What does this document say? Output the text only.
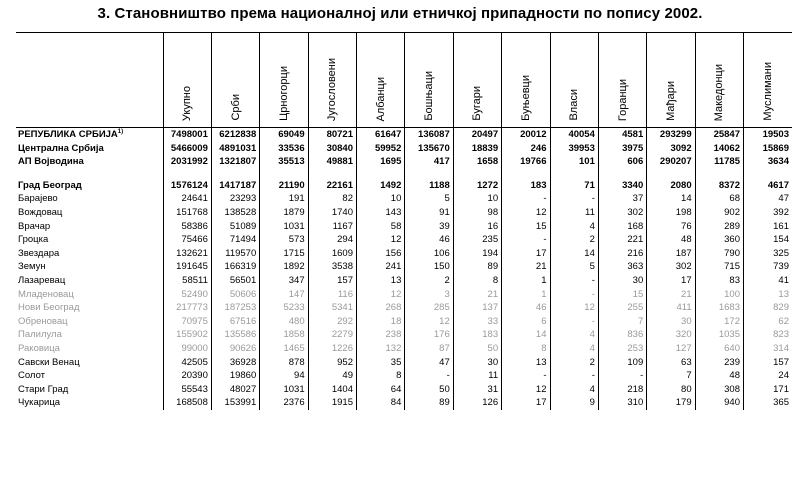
3. Становништво према националној или етничкој припадности по попису 2002.

	Укупно	Срби	Црногорци	Југословени	Албанци	Бошњаци	Бугари	Буњевци	Власи	Горанци	Мађари	Македонци	Муслимани

РЕПУБЛИКА СРБИЈА$^{1)}$	7498001	6212838	69049	80721	61647	136087	20497	20012	40054	4581	293299	25847	19503
Централна Србија	5466009	4891031	33536	30840	59952	135670	18839	246	39953	3975	3092	14062	15869
АП Војводина	2031992	1321807	35513	49881	1695	417	1658	19766	101	606	290207	11785	3634

Град Београд	1576124	1417187	21190	22161	1492	1188	1272	183	71	3340	2080	8372	4617
Барајево	24641	23293	191	82	10	5	10	-	-	37	14	68	47
Вождовац	151768	138528	1879	1740	143	91	98	12	11	302	198	902	392
Врачар	58386	51089	1031	1167	58	39	16	15	4	168	76	289	161
Гроцка	75466	71494	573	294	12	46	235	-	2	221	48	360	154
Звездара	132621	119570	1715	1609	156	106	194	17	14	216	187	790	325
Земун	191645	166319	1892	3538	241	150	89	21	5	363	302	715	739
Лазаревац	58511	56501	347	157	13	2	8	1	-	30	17	83	41
Младеновац	52490	50606	147	116	12	3	21	1	-	15	21	100	13
Нови Београд	217773	187253	5233	5341	268	285	137	46	12	255	411	1683	829
Обреновац	70975	67516	480	292	18	12	33	6	-	7	30	172	62
Палилула	155902	135586	1858	2279	238	176	183	14	4	836	320	1035	823
Раковица	99000	90626	1465	1226	132	87	50	8	4	253	127	640	314
Савски Венац	42505	36928	878	952	35	47	30	13	2	109	63	239	157
Солот	20390	19860	94	49	8	-	11	-	-	-	7	48	24
Стари Град	55543	48027	1031	1404	64	50	31	12	4	218	80	308	171
Чукарица	168508	153991	2376	1915	84	89	126	17	9	310	179	940	365
